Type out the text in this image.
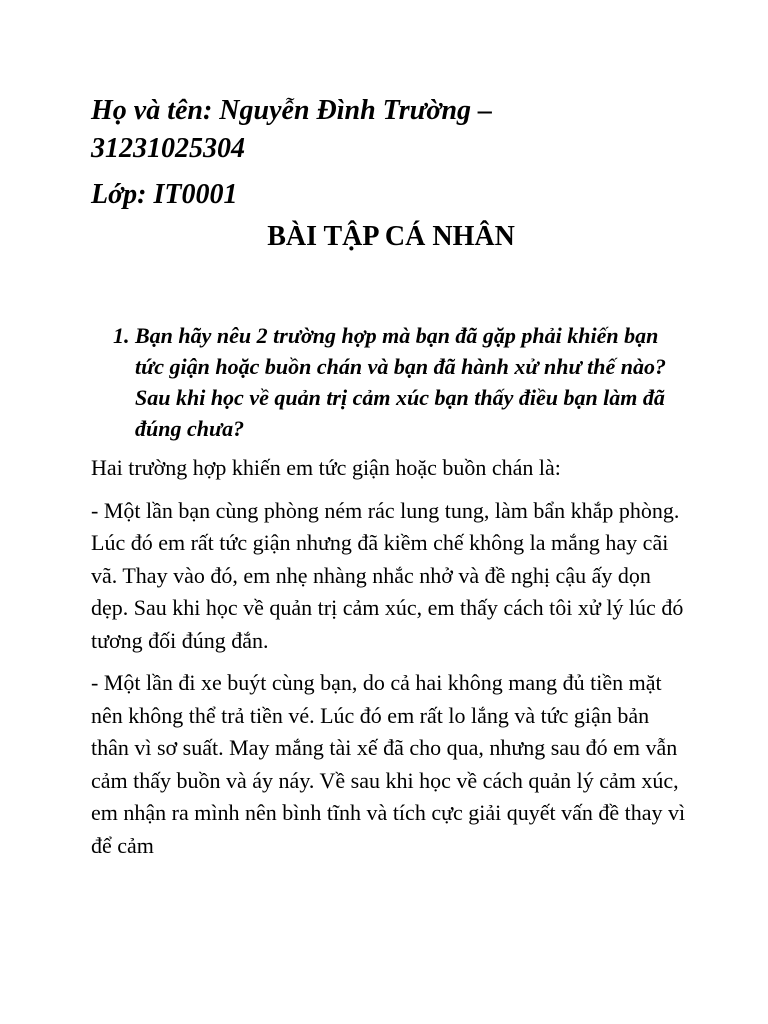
Họ và tên: Nguyễn Đình Trường –

31231025304

Lớp: IT0001

BÀI TẬP CÁ NHÂN

1. Bạn hãy nêu 2 trường hợp mà bạn đã gặp phải khiến bạn tức giận hoặc buồn chán và bạn đã hành xử như thế nào? Sau khi học về quản trị cảm xúc bạn thấy điều bạn làm đã đúng chưa?

Hai trường hợp khiến em tức giận hoặc buồn chán là:

- Một lần bạn cùng phòng ném rác lung tung, làm bẩn khắp phòng. Lúc đó em rất tức giận nhưng đã kiềm chế không la mắng hay cãi vã. Thay vào đó, em nhẹ nhàng nhắc nhở và đề nghị cậu ấy dọn dẹp. Sau khi học về quản trị cảm xúc, em thấy cách tôi xử lý lúc đó tương đối đúng đắn.

- Một lần đi xe buýt cùng bạn, do cả hai không mang đủ tiền mặt nên không thể trả tiền vé. Lúc đó em rất lo lắng và tức giận bản thân vì sơ suất. May mắng tài xế đã cho qua, nhưng sau đó em vẫn cảm thấy buồn và áy náy. Về sau khi học về cách quản lý cảm xúc, em nhận ra mình nên bình tĩnh và tích cực giải quyết vấn đề thay vì để cảm
